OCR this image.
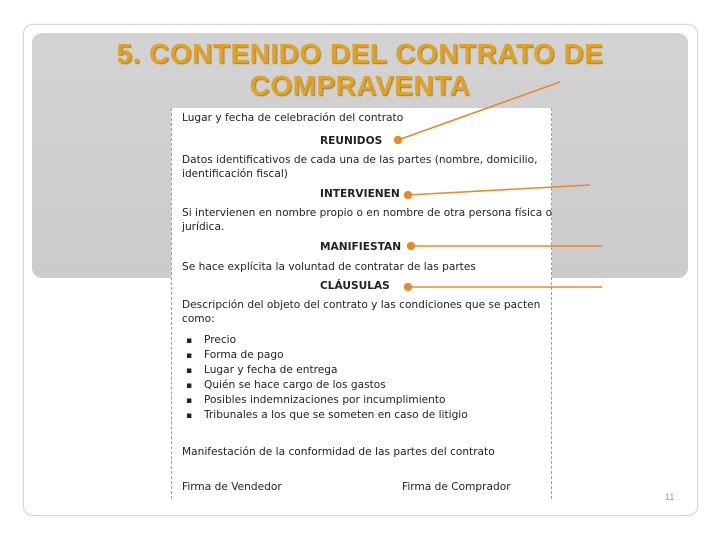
5. CONTENIDO DEL CONTRATO DE
COMPRAVENTA
Lugar y fecha de celebración del contrato
REUNIDOS
Datos identificativos de cada una de las partes (nombre, domicilio,
identificación fiscal)
INTERVIENEN
Si intervienen en nombre propio o en nombre de otra persona física o
jurídica.
MANIFIESTAN
Se hace explícita la voluntad de contratar de las partes
CLÁUSULAS
Descripción del objeto del contrato y las condiciones que se pacten
como:
▪ Precio
▪ Forma de pago
▪ Lugar y fecha de entrega
▪ Quién se hace cargo de los gastos
▪ Posibles indemnizaciones por incumplimiento
▪ Tribunales a los que se someten en caso de litigio
Manifestación de la conformidad de las partes del contrato
Firma de Vendedor	Firma de Comprador
11
